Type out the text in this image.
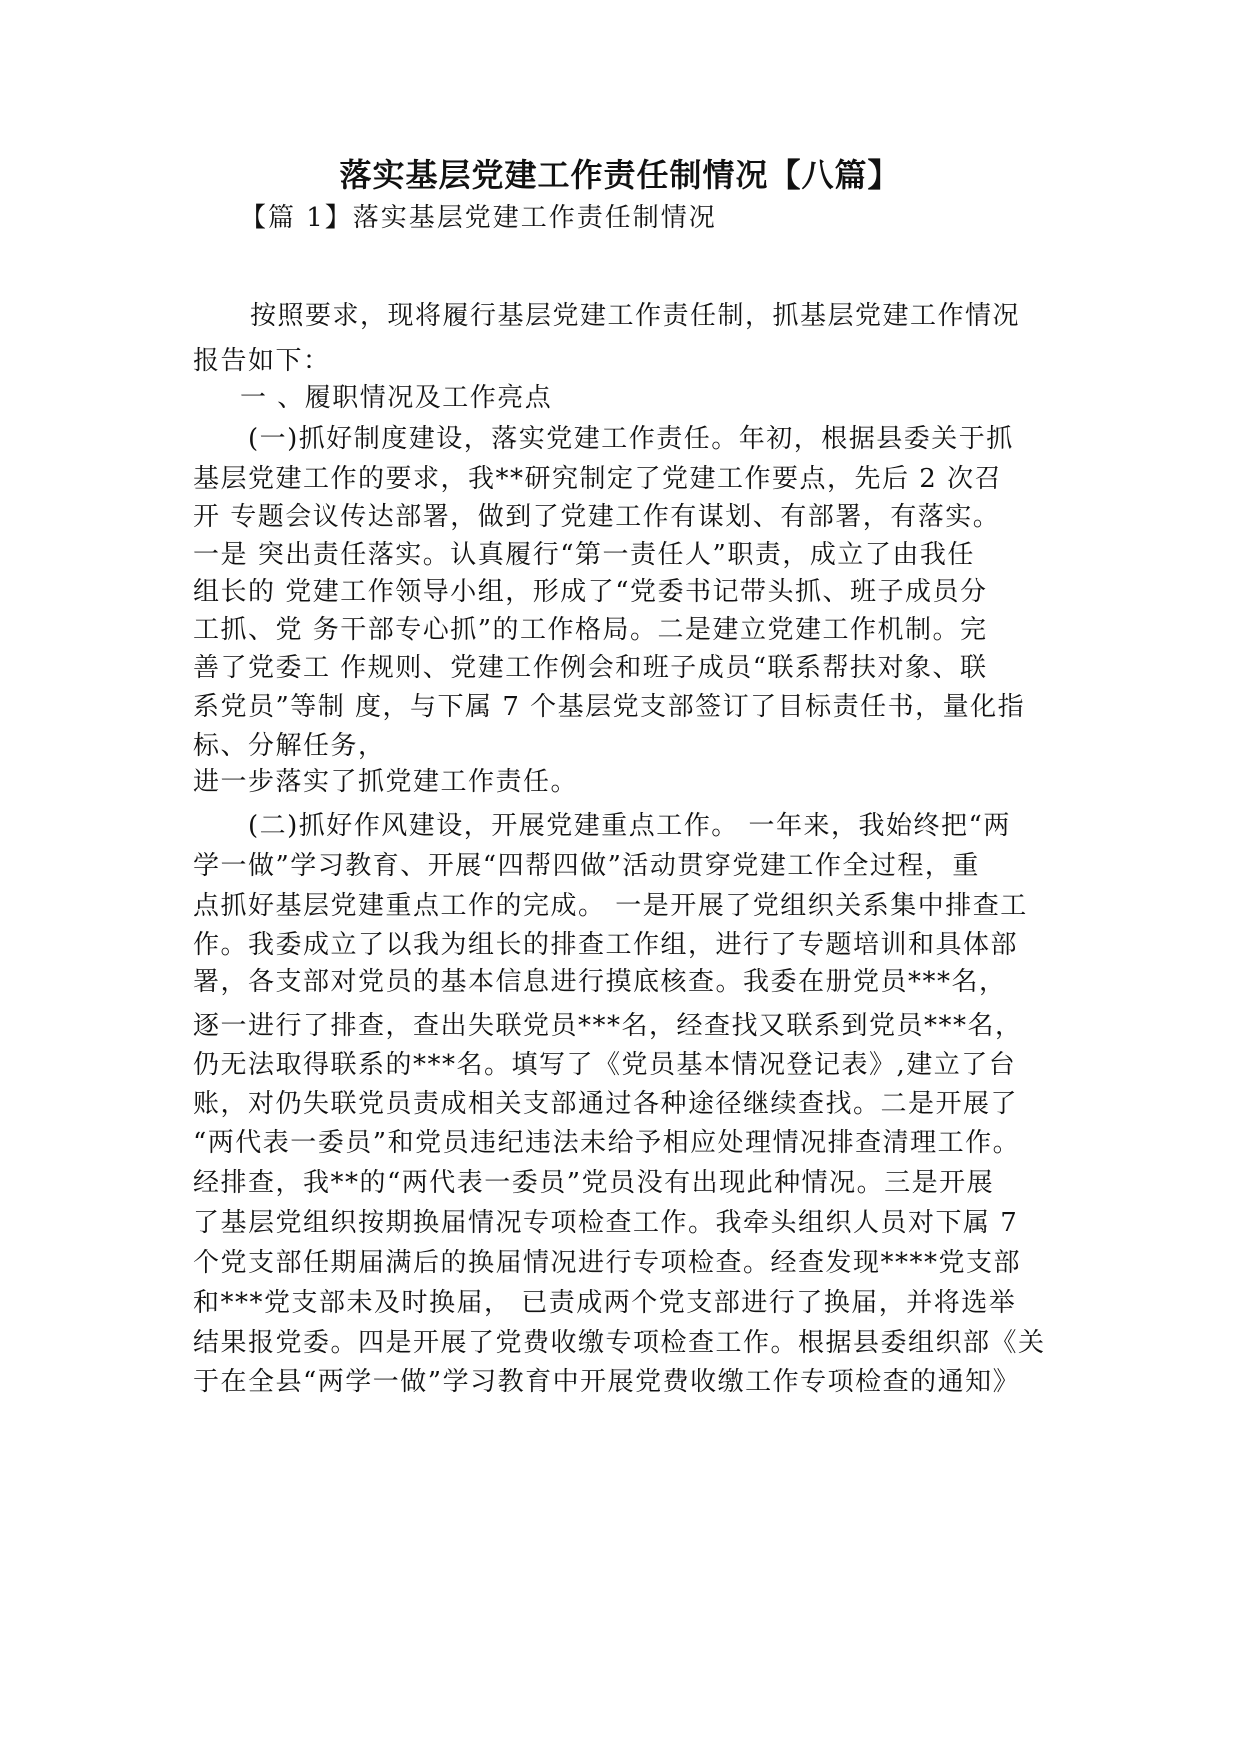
落实基层党建工作责任制情况【八篇】
【篇 1】落实基层党建工作责任制情况
按照要求，现将履行基层党建工作责任制，抓基层党建工作情况
报告如下：
一 、履职情况及工作亮点
(一)抓好制度建设，落实党建工作责任。年初，根据县委关于抓
基层党建工作的要求，我**研究制定了党建工作要点，先后 2 次召
开 专题会议传达部署，做到了党建工作有谋划、有部署，有落实。
一是 突出责任落实。认真履行“第一责任人”职责，成立了由我任
组长的 党建工作领导小组，形成了“党委书记带头抓、班子成员分
工抓、党 务干部专心抓”的工作格局。二是建立党建工作机制。完
善了党委工 作规则、党建工作例会和班子成员“联系帮扶对象、联
系党员”等制 度，与下属 7 个基层党支部签订了目标责任书，量化指
标、分解任务，
进一步落实了抓党建工作责任。
(二)抓好作风建设，开展党建重点工作。 一年来，我始终把“两
学一做”学习教育、开展“四帮四做”活动贯穿党建工作全过程，重
点抓好基层党建重点工作的完成。 一是开展了党组织关系集中排查工
作。我委成立了以我为组长的排查工作组，进行了专题培训和具体部
署，各支部对党员的基本信息进行摸底核查。我委在册党员***名，
逐一进行了排查，查出失联党员***名，经查找又联系到党员***名，
仍无法取得联系的***名。填写了《党员基本情况登记表》,建立了台
账，对仍失联党员责成相关支部通过各种途径继续查找。二是开展了
“两代表一委员”和党员违纪违法未给予相应处理情况排查清理工作。
经排查，我**的“两代表一委员”党员没有出现此种情况。三是开展
了基层党组织按期换届情况专项检查工作。我牵头组织人员对下属 7
个党支部任期届满后的换届情况进行专项检查。经查发现****党支部
和***党支部未及时换届， 已责成两个党支部进行了换届，并将选举
结果报党委。四是开展了党费收缴专项检查工作。根据县委组织部《关
于在全县“两学一做”学习教育中开展党费收缴工作专项检查的通知》
